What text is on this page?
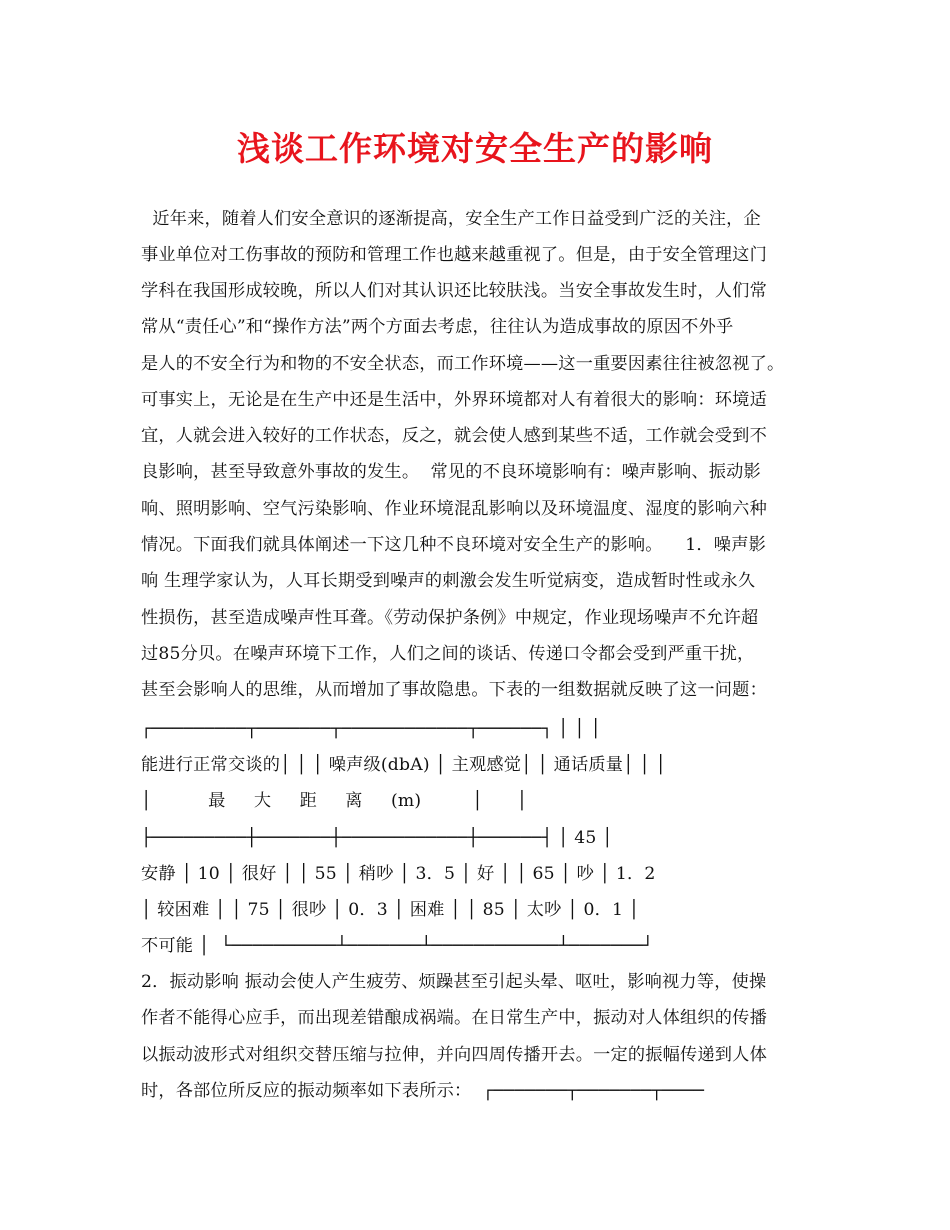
浅谈工作环境对安全生产的影响
近年来，随着人们安全意识的逐渐提高，安全生产工作日益受到广泛的关注，企
事业单位对工伤事故的预防和管理工作也越来越重视了。但是，由于安全管理这门
学科在我国形成较晚，所以人们对其认识还比较肤浅。当安全事故发生时，人们常
常从“责任心”和“操作方法”两个方面去考虑，往往认为造成事故的原因不外乎
是人的不安全行为和物的不安全状态，而工作环境——这一重要因素往往被忽视了。
可事实上，无论是在生产中还是生活中，外界环境都对人有着很大的影响：环境适
宜，人就会进入较好的工作状态，反之，就会使人感到某些不适，工作就会受到不
良影响，甚至导致意外事故的发生。  常见的不良环境影响有：噪声影响、振动影
响、照明影响、空气污染影响、作业环境混乱影响以及环境温度、湿度的影响六种
情况。下面我们就具体阐述一下这几种不良环境对安全生产的影响。    1．噪声影
响 生理学家认为，人耳长期受到噪声的刺激会发生听觉病变，造成暂时性或永久
性损伤，甚至造成噪声性耳聋。《劳动保护条例》中规定，作业现场噪声不允许超
过85分贝。在噪声环境下工作，人们之间的谈话、传递口令都会受到严重干扰，
甚至会影响人的思维，从而增加了事故隐患。下表的一组数据就反映了这一问题：
┌─────────┬───────┬────────────┬──────┐ │ │ │
能进行正常交谈的│ │ │ 噪声级(dbA) │ 主观感觉│ │ 通话质量│ │ │
│          最     大     距     离     (m)         │      │
├─────────┼───────┼────────────┼──────┤ │ 45 │
安静 │ 10 │ 很好 │ │ 55 │ 稍吵 │ 3．5 │ 好 │ │ 65 │ 吵 │ 1．2
│ 较困难 │ │ 75 │ 很吵 │ 0．3 │ 困难 │ │ 85 │ 太吵 │ 0．1 │
不可能 │  └──────────┴───────┴────────────┴───────┘
2．振动影响 振动会使人产生疲劳、烦躁甚至引起头晕、呕吐，影响视力等，使操
作者不能得心应手，而出现差错酿成祸端。在日常生产中，振动对人体组织的传播
以振动波形式对组织交替压缩与拉伸，并向四周传播开去。一定的振幅传递到人体
时，各部位所反应的振动频率如下表所示：  ┌───────┬───────┬────
